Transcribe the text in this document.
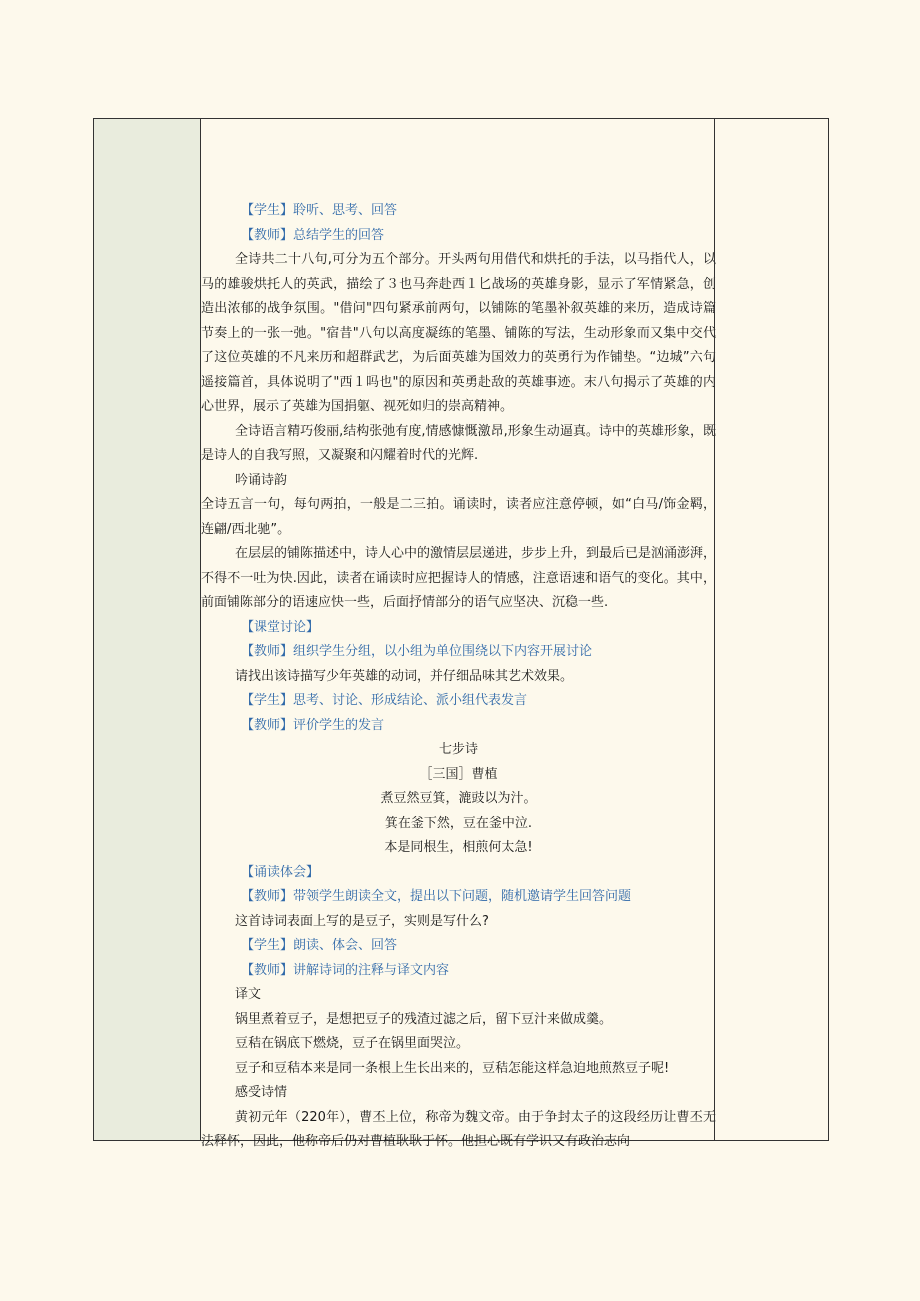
【学生】聆听、思考、回答
【教师】总结学生的回答
全诗共二十八句,可分为五个部分。开头两句用借代和烘托的手法，以马指代人，以
马的雄骏烘托人的英武，描绘了３也马奔赴西１匕战场的英雄身影，显示了军情紧急，创
造出浓郁的战争氛围。"借问"四句紧承前两句，以铺陈的笔墨补叙英雄的来历，造成诗篇
节奏上的一张一弛。"宿昔"八句以高度凝练的笔墨、铺陈的写法，生动形象而又集中交代
了这位英雄的不凡来历和超群武艺，为后面英雄为国效力的英勇行为作铺垫。“边城”六句
遥接篇首，具体说明了"西１吗也"的原因和英勇赴敌的英雄事迹。末八句揭示了英雄的内
心世界，展示了英雄为国捐躯、视死如归的崇高精神。
全诗语言精巧俊丽,结构张弛有度,情感慷慨激昂,形象生动逼真。诗中的英雄形象，既
是诗人的自我写照，又凝聚和闪耀着时代的光辉.
吟诵诗韵
全诗五言一句，每句两拍，一般是二三拍。诵读时，读者应注意停顿，如“白马/饰金羁，
连翩/西北驰”。
在层层的铺陈描述中，诗人心中的激情层层递进，步步上升，到最后已是汹涌澎湃，
不得不一吐为快.因此，读者在诵读时应把握诗人的情感，注意语速和语气的变化。其中，
前面铺陈部分的语速应快一些，后面抒情部分的语气应坚决、沉稳一些.
【课堂讨论】
【教师】组织学生分组，以小组为单位围绕以下内容开展讨论
请找出该诗描写少年英雄的动词，并仔细品味其艺术效果。
【学生】思考、讨论、形成结论、派小组代表发言
【教师】评价学生的发言
七步诗
［三国］曹植
煮豆然豆箕，漉豉以为汁。
箕在釜下然，豆在釜中泣.
本是同根生，相煎何太急!
【诵读体会】
【教师】带领学生朗读全文，提出以下问题，随机邀请学生回答问题
这首诗词表面上写的是豆子，实则是写什么?
【学生】朗读、体会、回答
【教师】讲解诗词的注释与译文内容
译文
锅里煮着豆子，是想把豆子的残渣过滤之后，留下豆汁来做成羹。
豆秸在锅底下燃烧，豆子在锅里面哭泣。
豆子和豆秸本来是同一条根上生长出来的，豆秸怎能这样急迫地煎熬豆子呢!
感受诗情
黄初元年（220年），曹丕上位，称帝为魏文帝。由于争封太子的这段经历让曹丕无
法释怀，因此，他称帝后仍对曹植耿耿于怀。他担心既有学识又有政治志向
